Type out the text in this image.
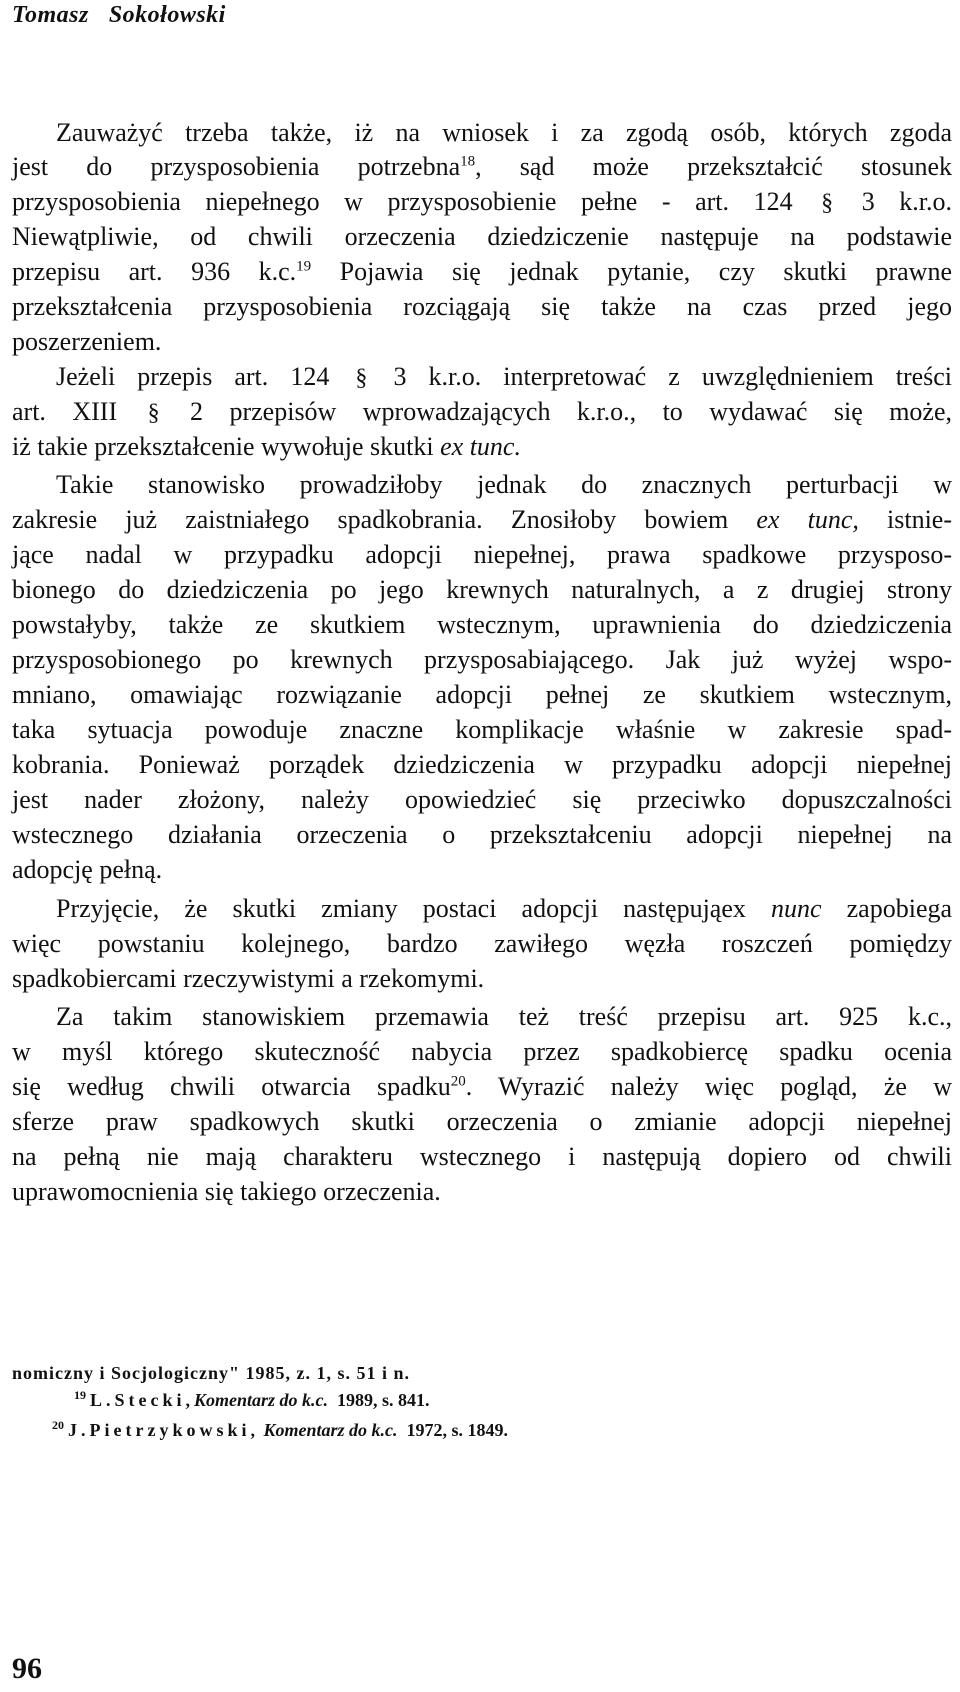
Tomasz Sokołowski
Zauważyć trzeba także, iż na wniosek i za zgodą osób, których zgoda
jest do przysposobienia potrzebna$^{18}$, sąd może przekształcić stosunek
przysposobienia niepełnego w przysposobienie pełne - art. 124 § 3 k.r.o.
Niewątpliwie, od chwili orzeczenia dziedziczenie następuje na podstawie
przepisu art. 936 k.c.$^{19}$ Pojawia się jednak pytanie, czy skutki prawne
przekształcenia przysposobienia rozciągają się także na czas przed jego
poszerzeniem.
Jeżeli przepis art. 124 § 3 k.r.o. interpretować z uwzględnieniem treści
art. XIII § 2 przepisów wprowadzających k.r.o., to wydawać się może,
iż takie przekształcenie wywołuje skutki ex tunc.
Takie stanowisko prowadziłoby jednak do znacznych perturbacji w
zakresie już zaistniałego spadkobrania. Znosiłoby bowiem ex tunc, istnie-
jące nadal w przypadku adopcji niepełnej, prawa spadkowe przysposo-
bionego do dziedziczenia po jego krewnych naturalnych, a z drugiej strony
powstałyby, także ze skutkiem wstecznym, uprawnienia do dziedziczenia
przysposobionego po krewnych przysposabiającego. Jak już wyżej wspo-
mniano, omawiając rozwiązanie adopcji pełnej ze skutkiem wstecznym,
taka sytuacja powoduje znaczne komplikacje właśnie w zakresie spad-
kobrania. Ponieważ porządek dziedziczenia w przypadku adopcji niepełnej
jest nader złożony, należy opowiedzieć się przeciwko dopuszczalności
wstecznego działania orzeczenia o przekształceniu adopcji niepełnej na
adopcję pełną.
Przyjęcie, że skutki zmiany postaci adopcji następująex nunc zapobiega
więc powstaniu kolejnego, bardzo zawiłego węzła roszczeń pomiędzy
spadkobiercami rzeczywistymi a rzekomymi.
Za takim stanowiskiem przemawia też treść przepisu art. 925 k.c.,
w myśl którego skuteczność nabycia przez spadkobiercę spadku ocenia
się według chwili otwarcia spadku$^{20}$. Wyrazić należy więc pogląd, że w
sferze praw spadkowych skutki orzeczenia o zmianie adopcji niepełnej
na pełną nie mają charakteru wstecznego i następują dopiero od chwili
uprawomocnienia się takiego orzeczenia.
nomiczny i Socjologiczny" 1985, z. 1, s. 51 i n.
$^{19}$ L.Stecki,Komentarz do k.c. 1989, s. 841.
$^{20}$ J.Pietrzykowski, Komentarz do k.c. 1972, s. 1849.
96
